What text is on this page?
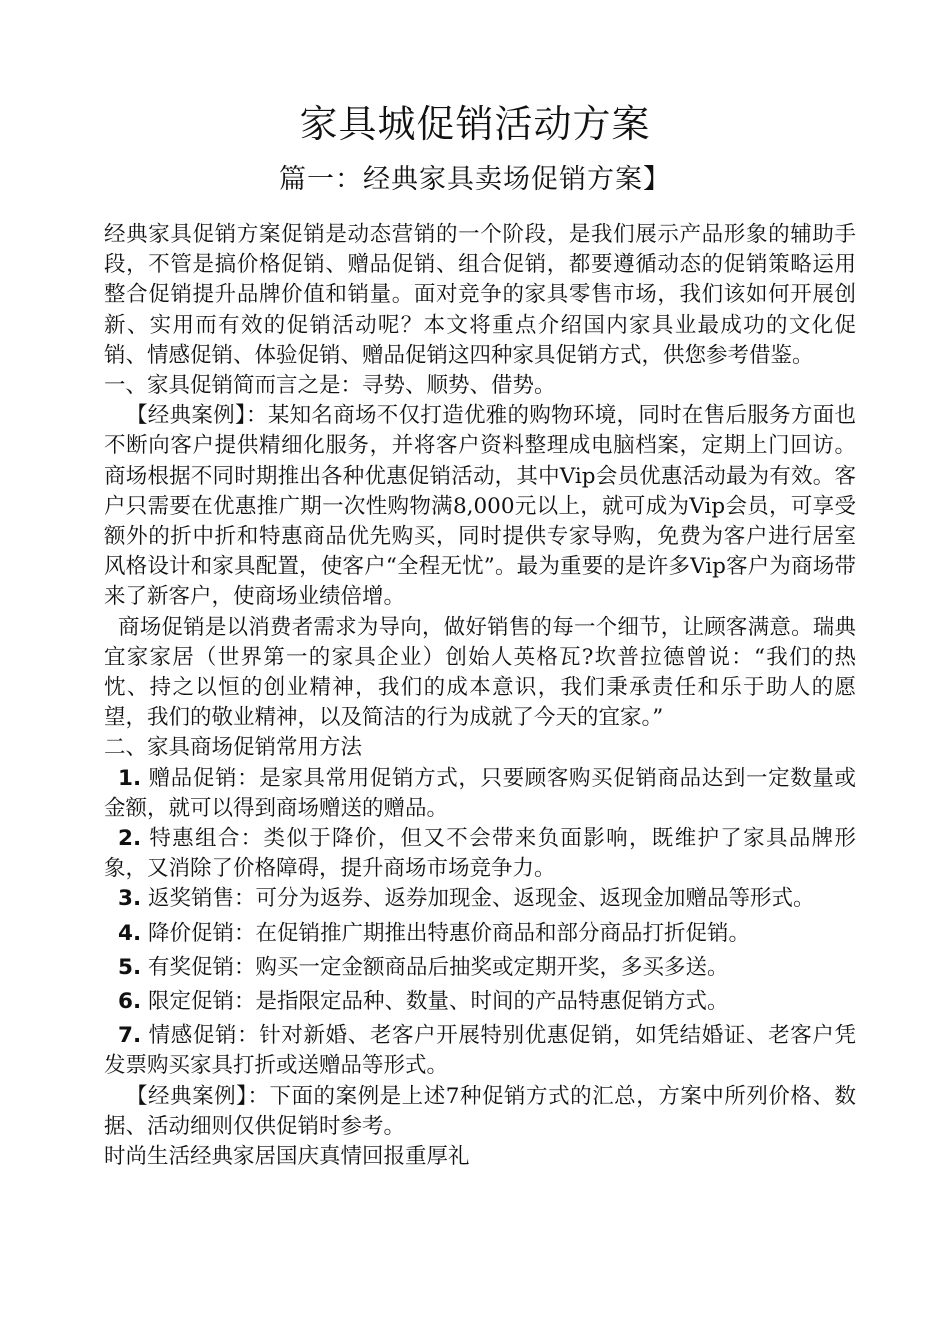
家具城促销活动方案
篇一：经典家具卖场促销方案】

经典家具促销方案促销是动态营销的一个阶段，是我们展示产品形象的辅助手段，不管是搞价格促销、赠品促销、组合促销，都要遵循动态的促销策略运用整合促销提升品牌价值和销量。面对竞争的家具零售市场，我们该如何开展创新、实用而有效的促销活动呢？本文将重点介绍国内家具业最成功的文化促销、情感促销、体验促销、赠品促销这四种家具促销方式，供您参考借鉴。

一、家具促销简而言之是：寻势、顺势、借势。

【经典案例】：某知名商场不仅打造优雅的购物环境，同时在售后服务方面也不断向客户提供精细化服务，并将客户资料整理成电脑档案，定期上门回访。商场根据不同时期推出各种优惠促销活动，其中Vip会员优惠活动最为有效。客户只需要在优惠推广期一次性购物满8,000元以上，就可成为Vip会员，可享受额外的折中折和特惠商品优先购买，同时提供专家导购，免费为客户进行居室风格设计和家具配置，使客户“全程无忧”。最为重要的是许多Vip客户为商场带来了新客户，使商场业绩倍增。

商场促销是以消费者需求为导向，做好销售的每一个细节，让顾客满意。瑞典宜家家居（世界第一的家具企业）创始人英格瓦?坎普拉德曾说：“我们的热忱、持之以恒的创业精神，我们的成本意识，我们秉承责任和乐于助人的愿望，我们的敬业精神，以及简洁的行为成就了今天的宜家。”

二、家具商场促销常用方法

1. 赠品促销：是家具常用促销方式，只要顾客购买促销商品达到一定数量或金额，就可以得到商场赠送的赠品。

2. 特惠组合：类似于降价，但又不会带来负面影响，既维护了家具品牌形象，又消除了价格障碍，提升商场市场竞争力。

3. 返奖销售：可分为返券、返券加现金、返现金、返现金加赠品等形式。

4. 降价促销：在促销推广期推出特惠价商品和部分商品打折促销。

5. 有奖促销：购买一定金额商品后抽奖或定期开奖，多买多送。

6. 限定促销：是指限定品种、数量、时间的产品特惠促销方式。

7. 情感促销：针对新婚、老客户开展特别优惠促销，如凭结婚证、老客户凭发票购买家具打折或送赠品等形式。

【经典案例】：下面的案例是上述7种促销方式的汇总，方案中所列价格、数据、活动细则仅供促销时参考。

时尚生活经典家居国庆真情回报重厚礼
